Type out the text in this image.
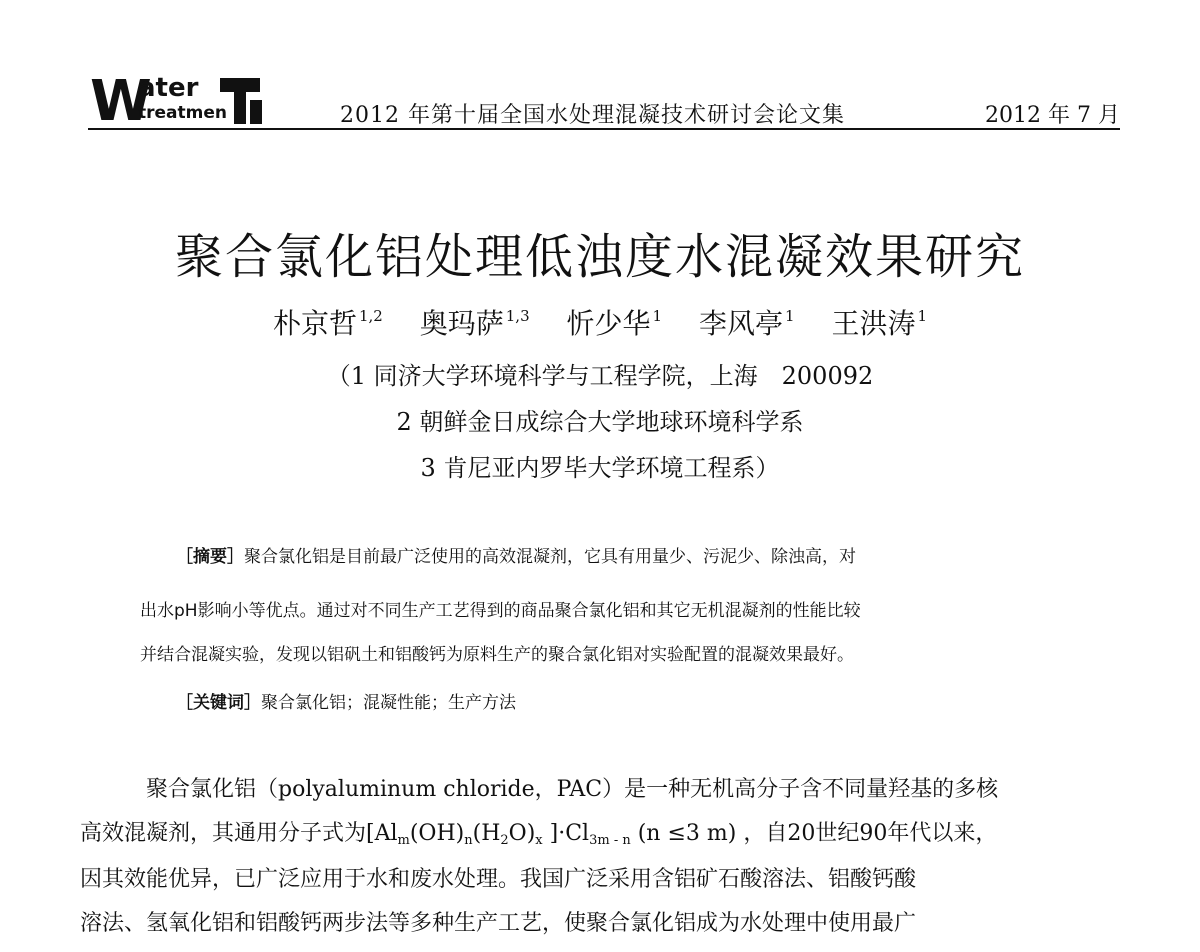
W
ater
treatmen	2012 年第十届全国水处理混凝技术研讨会论文集	2012 年 7 月
聚合氯化铝处理低浊度水混凝效果研究
朴京哲 $^{1,2}$ 奥玛萨 $^{1,3}$ 忻少华 $^1$ 李风亭 $^1$ 王洪涛 $^1$
（1 同济大学环境科学与工程学院，上海　200092
2 朝鲜金日成综合大学地球环境科学系
3 肯尼亚内罗毕大学环境工程系）
［摘要］聚合氯化铝是目前最广泛使用的高效混凝剂，它具有用量少、污泥少、除浊高，对
出水pH影响小等优点。通过对不同生产工艺得到的商品聚合氯化铝和其它无机混凝剂的性能比较
并结合混凝实验，发现以铝矾土和铝酸钙为原料生产的聚合氯化铝对实验配置的混凝效果最好。
［关键词］聚合氯化铝；混凝性能；生产方法
聚合氯化铝（polyaluminum chloride，PAC）是一种无机高分子含不同量羟基的多核
高效混凝剂，其通用分子式为[$Al_m(OH)_n(H_2O)_x$ ]$\cdot Cl_{3m - n}$ (n ≤3 m) ，自20世纪90年代以来，
因其效能优异，已广泛应用于水和废水处理。我国广泛采用含铝矿石酸溶法、铝酸钙酸
溶法、氢氧化铝和铝酸钙两步法等多种生产工艺，使聚合氯化铝成为水处理中使用最广
